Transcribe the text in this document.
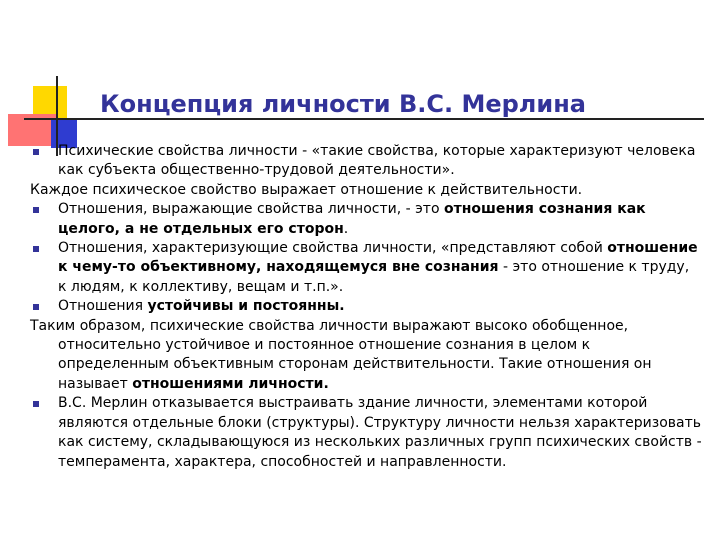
Концепция личности В.С. Мерлина
Психические свойства личности - «такие свойства, которые характеризуют человека как субъекта общественно-трудовой деятельности».
Каждое психическое свойство выражает отношение к действительности.
Отношения, выражающие свойства личности, - это отношения сознания как целого, а не отдельных его сторон.
Отношения, характеризующие свойства личности, «представляют собой отношение к чему-то объективному, находящемуся вне сознания - это отношение к труду, к людям, к коллективу, вещам и т.п.».
Отношения устойчивы и постоянны.
Таким образом, психические свойства личности выражают высоко обобщенное, относительно устойчивое и постоянное отношение сознания в целом к определенным объективным сторонам действительности. Такие отношения он называет отношениями личности.
В.С. Мерлин отказывается выстраивать здание личности, элементами которой являются отдельные блоки (структуры). Структуру личности нельзя характеризовать как систему, складывающуюся из нескольких различных групп психических свойств - темперамента, характера, способностей и направленности.
